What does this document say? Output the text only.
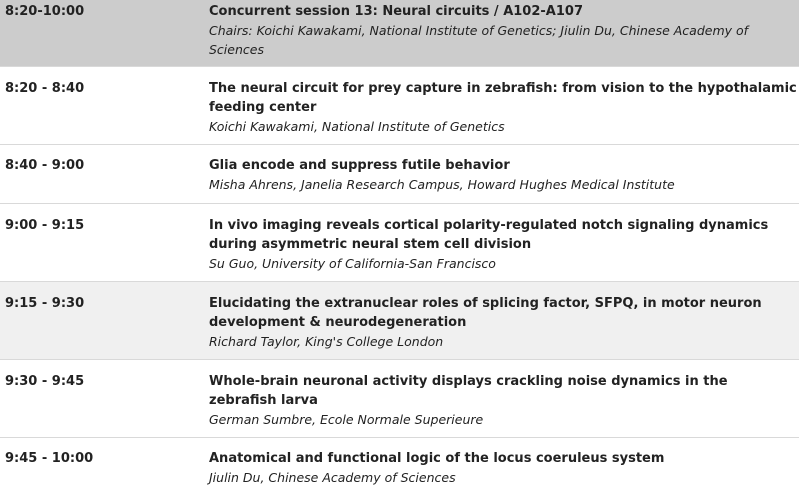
8:20-10:00	Concurrent session 13: Neural circuits / A102-A107
Chairs: Koichi Kawakami, National Institute of Genetics; Jiulin Du, Chinese Academy of Sciences
8:20 - 8:40	The neural circuit for prey capture in zebrafish: from vision to the hypothalamic feeding center
Koichi Kawakami, National Institute of Genetics
8:40 - 9:00	Glia encode and suppress futile behavior
Misha Ahrens, Janelia Research Campus, Howard Hughes Medical Institute
9:00 - 9:15	In vivo imaging reveals cortical polarity-regulated notch signaling dynamics during asymmetric neural stem cell division
Su Guo, University of California-San Francisco
9:15 - 9:30	Elucidating the extranuclear roles of splicing factor, SFPQ, in motor neuron development & neurodegeneration
Richard Taylor, King's College London
9:30 - 9:45	Whole-brain neuronal activity displays crackling noise dynamics in the zebrafish larva
German Sumbre, Ecole Normale Superieure
9:45 - 10:00	Anatomical and functional logic of the locus coeruleus system
Jiulin Du, Chinese Academy of Sciences
